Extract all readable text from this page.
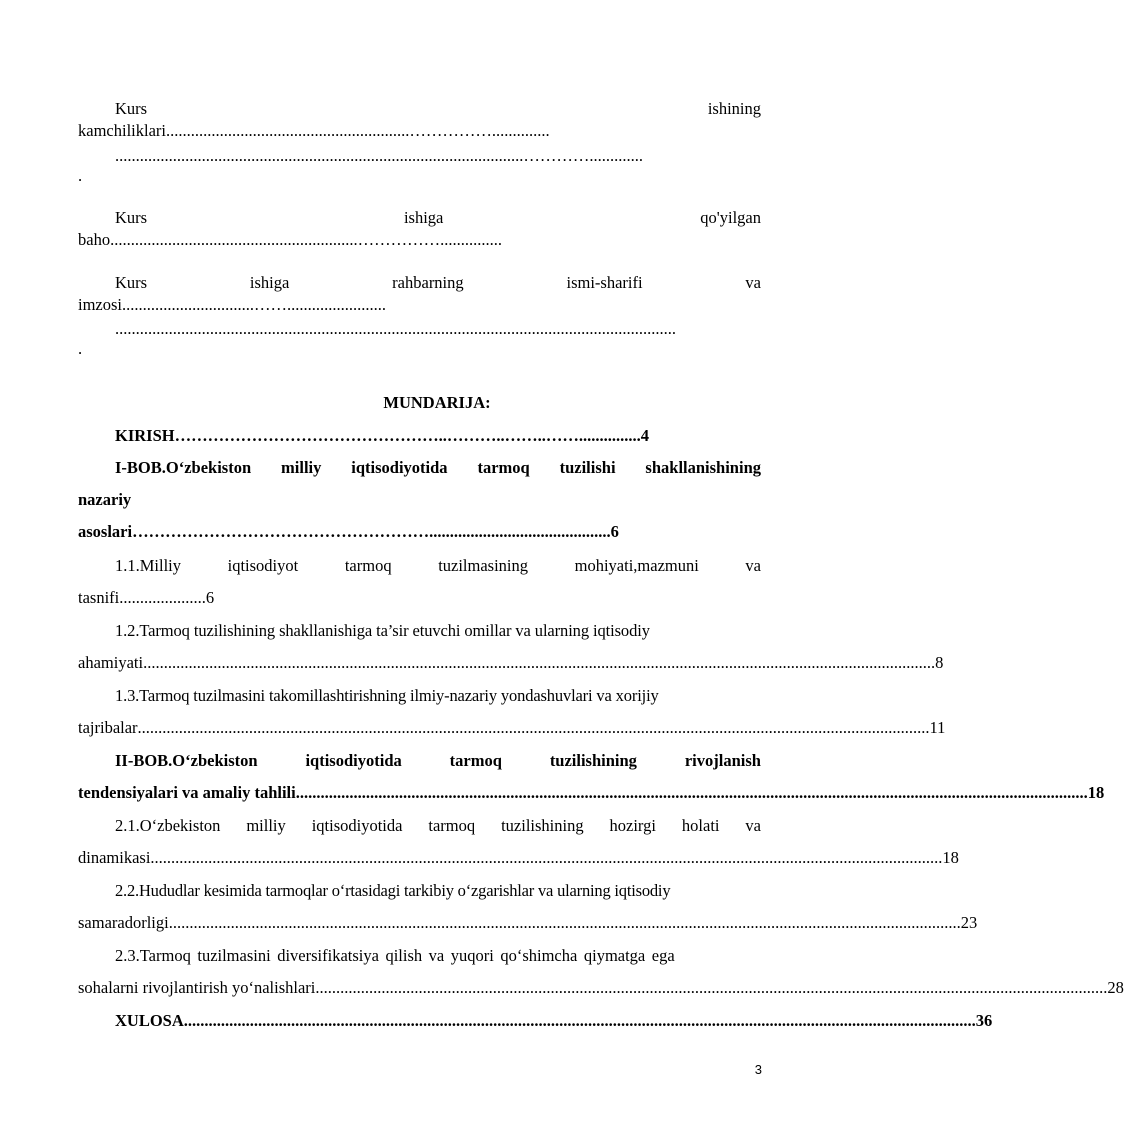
Kurs	ishining
kamchiliklari...........................................................……………..............
...................................................................................................………….............
.
Kurs	ishiga	qo'yilgan
baho............................................................……………...............
Kurs	ishiga	rahbarning	ismi-sharifi	va
imzosi................................……........................
........................................................................................................................................
.
MUNDARIJA:
KIRISH…………………………………………..………..……..……...............4
I-BOB.O‘zbekiston milliy iqtisodiyotida tarmoq tuzilishi shakllanishining
nazariy
asoslari………………………………………………............................................6
1.1.Milliy	iqtisodiyot	tarmoq	tuzilmasining	mohiyati,mazmuni	va
tasnifi.....................6
1.2.Tarmoq tuzilishining shakllanishiga ta’sir etuvchi omillar va ularning iqtisodiy
ahamiyati ................................................................................................................................................................................................ 8
1.3.Tarmoq tuzilmasini takomillashtirishning ilmiy-nazariy yondashuvlari va xorijiy
tajribalar ................................................................................................................................................................................................ 11
II-BOB.O‘zbekiston	iqtisodiyotida	tarmoq	tuzilishining	rivojlanish
tendensiyalari va amaliy tahlili ................................................................................................................................................................................................ 18
2.1.O‘zbekiston milliy iqtisodiyotida tarmoq tuzilishining hozirgi holati va
dinamikasi ................................................................................................................................................................................................ 18
2.2.Hududlar kesimida tarmoqlar o‘rtasidagi tarkibiy o‘zgarishlar va ularning iqtisodiy
samaradorligi ................................................................................................................................................................................................ 23
2.3.Tarmoq tuzilmasini diversifikatsiya qilish va yuqori qo‘shimcha qiymatga ega
sohalarni rivojlantirish yo‘nalishlari ................................................................................................................................................................................................ 28
XULOSA ................................................................................................................................................................................................ 36
3
